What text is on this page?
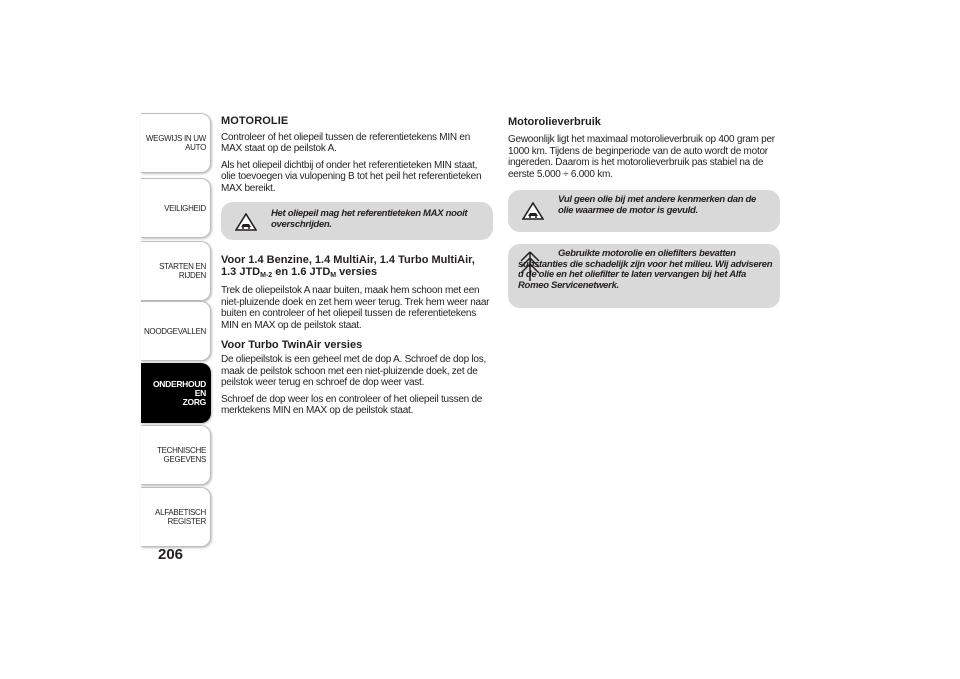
WEGWIJS IN UW
AUTO
VEILIGHEID
STARTEN EN RIJDEN
NOODGEVALLEN
ONDERHOUD EN
ZORG
TECHNISCHE
GEGEVENS
ALFABETISCH
REGISTER
206
MOTOROLIE

Controleer of het oliepeil tussen de referentietekens MIN en MAX staat op de peilstok A.

Als het oliepeil dichtbij of onder het referentieteken MIN staat, olie toevoegen via vulopening B tot het peil het referentieteken MAX bereikt.

Het oliepeil mag het referentieteken MAX nooit overschrijden.
Voor 1.4 Benzine, 1.4 MultiAir, 1.4 Turbo MultiAir,
1.3 $JTD_{M-2}$ en 1.6 $JTD_M$ versies

Trek de oliepeilstok A naar buiten, maak hem schoon met een niet-pluizende doek en zet hem weer terug. Trek hem weer naar buiten en controleer of het oliepeil tussen de referentietekens MIN en MAX op de peilstok staat.

Voor Turbo TwinAir versies

De oliepeilstok is een geheel met de dop A. Schroef de dop los, maak de peilstok schoon met een niet-pluizende doek, zet de peilstok weer terug en schroef de dop weer vast.

Schroef de dop weer los en controleer of het oliepeil tussen de merktekens MIN en MAX op de peilstok staat.

Motorolieverbruik

Gewoonlijk ligt het maximaal motorolieverbruik op 400 gram per 1000 km. Tijdens de beginperiode van de auto wordt de motor ingereden. Daarom is het motorolieverbruik pas stabiel na de eerste 5.000 ÷ 6.000 km.

Vul geen olie bij met andere kenmerken dan de olie waarmee de motor is gevuld.
Gebruikte motorolie en oliefilters bevatten substanties die schadelijk zijn voor het milieu. Wij adviseren u de olie en het oliefilter te laten vervangen bij het Alfa Romeo Servicenetwerk.
